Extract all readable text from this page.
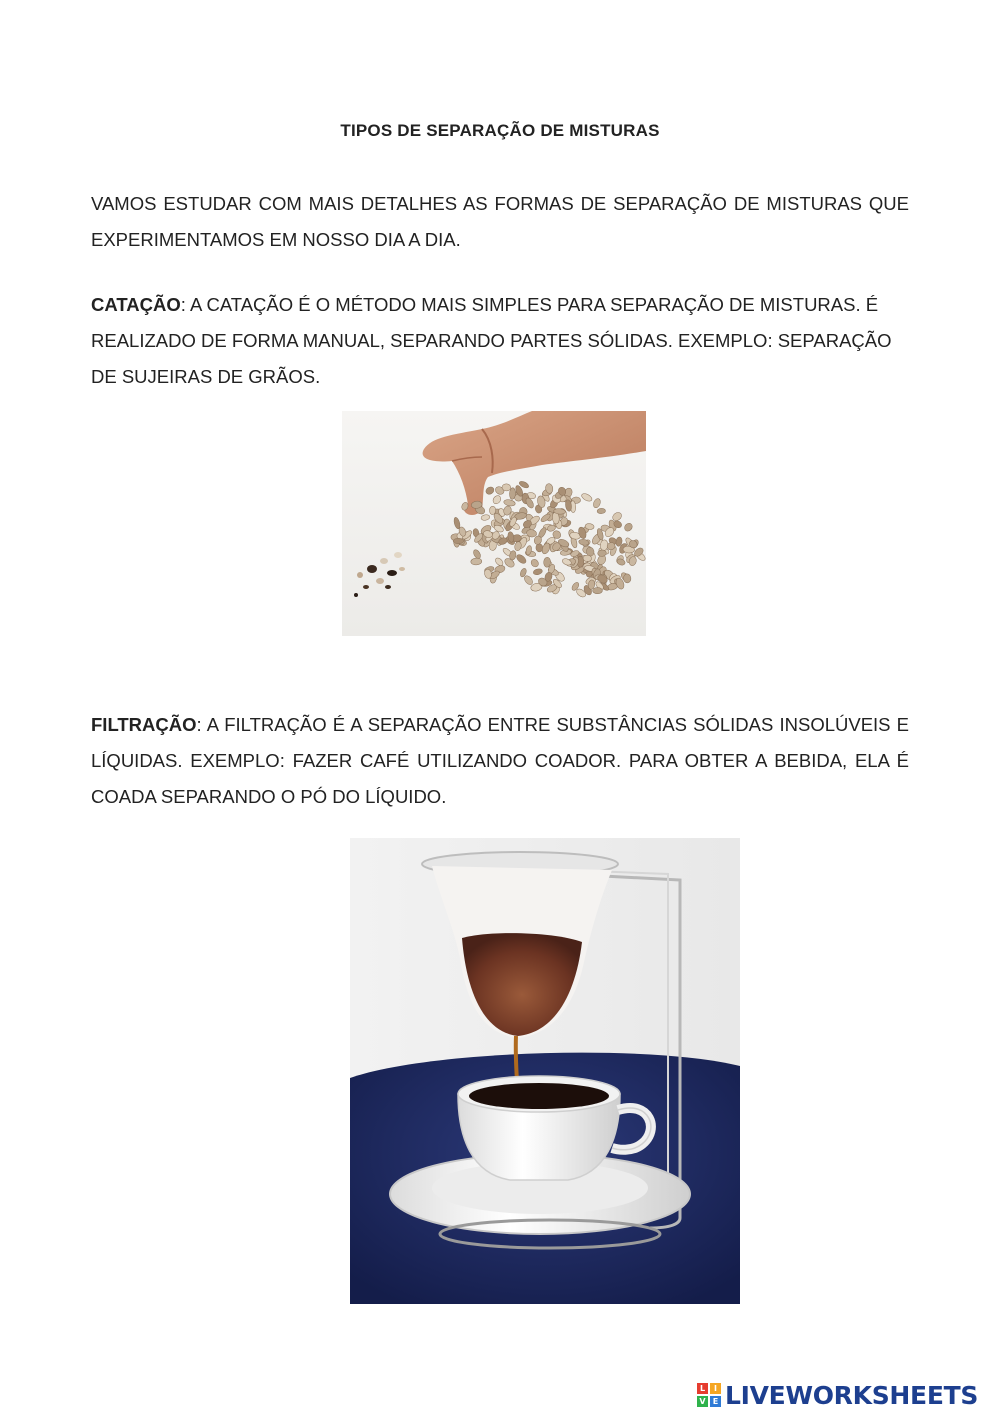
TIPOS DE SEPARAÇÃO DE MISTURAS

VAMOS ESTUDAR COM MAIS DETALHES AS FORMAS DE SEPARAÇÃO DE MISTURAS QUE EXPERIMENTAMOS EM NOSSO DIA A DIA.

CATAÇÃO: A CATAÇÃO É O MÉTODO MAIS SIMPLES PARA SEPARAÇÃO DE MISTURAS. É REALIZADO DE FORMA MANUAL, SEPARANDO PARTES SÓLIDAS. EXEMPLO: SEPARAÇÃO DE SUJEIRAS DE GRÃOS.

FILTRAÇÃO: A FILTRAÇÃO É A SEPARAÇÃO ENTRE SUBSTÂNCIAS SÓLIDAS INSOLÚVEIS E LÍQUIDAS. EXEMPLO: FAZER CAFÉ UTILIZANDO COADOR. PARA OBTER A BEBIDA, ELA É COADA SEPARANDO O PÓ DO LÍQUIDO.

L	I
V E LIVEWORKSHEETS
